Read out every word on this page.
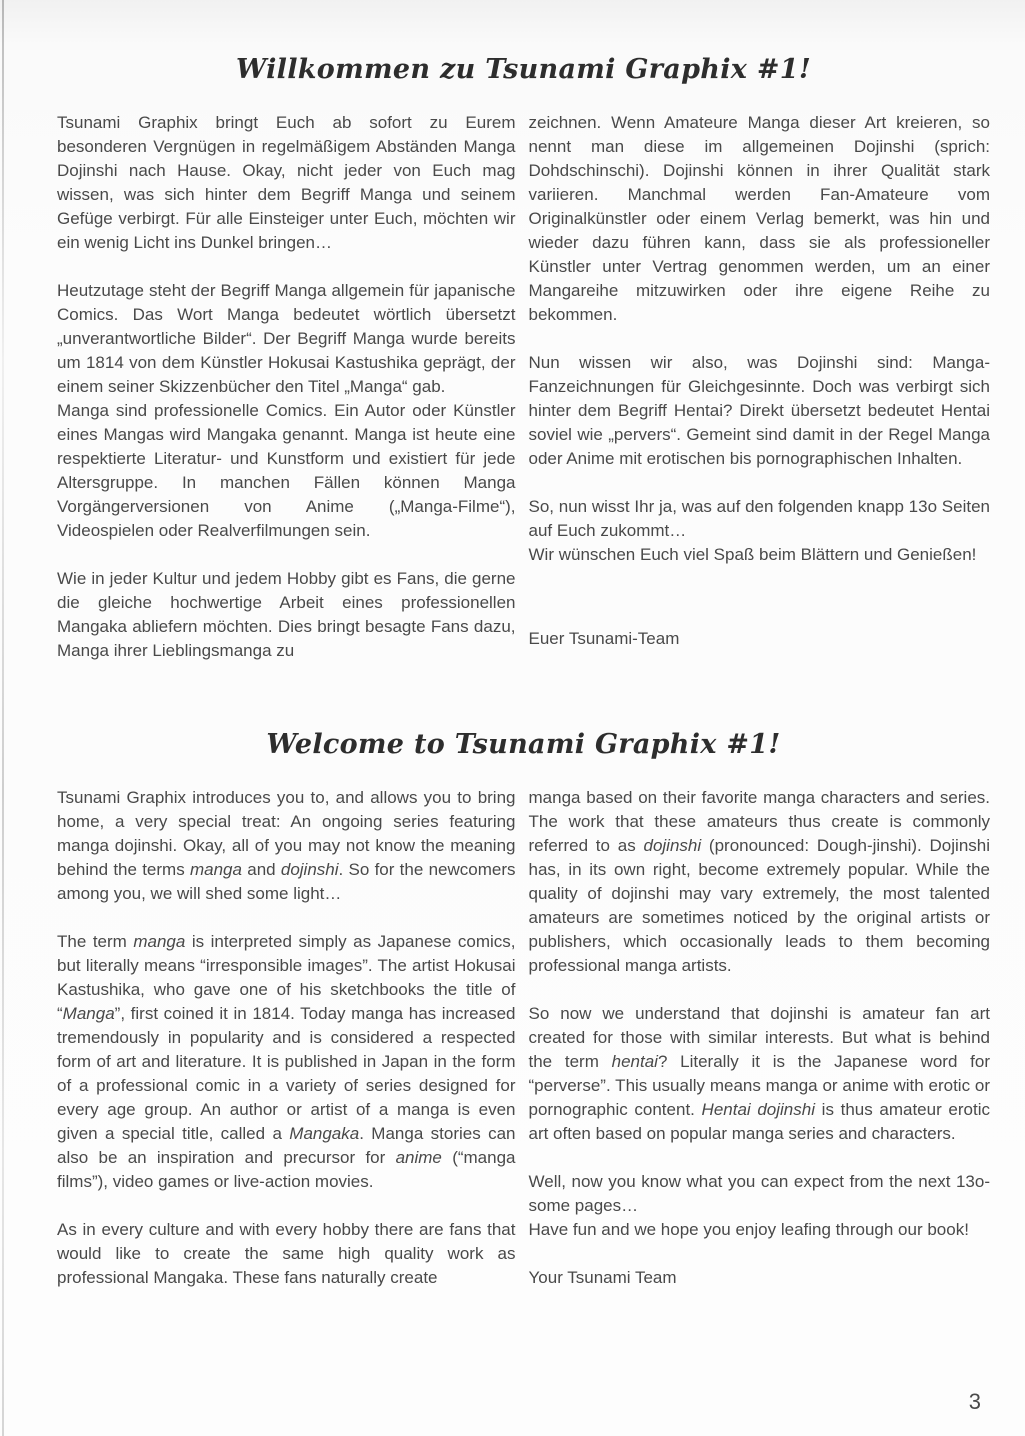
Willkommen zu Tsunami Graphix #1!

Tsunami Graphix bringt Euch ab sofort zu Eurem besonderen Vergnügen in regelmäßigem Abständen Manga Dojinshi nach Hause. Okay, nicht jeder von Euch mag wissen, was sich hinter dem Begriff Manga und seinem Gefüge verbirgt. Für alle Einsteiger unter Euch, möchten wir ein wenig Licht ins Dunkel bringen…

Heutzutage steht der Begriff Manga allgemein für japanische Comics. Das Wort Manga bedeutet wörtlich übersetzt „unverantwortliche Bilder“. Der Begriff Manga wurde bereits um 1814 von dem Künstler Hokusai Kastushika geprägt, der einem seiner Skizzenbücher den Titel „Manga“ gab.

Manga sind professionelle Comics. Ein Autor oder Künstler eines Mangas wird Mangaka genannt. Manga ist heute eine respektierte Literatur- und Kunstform und existiert für jede Altersgruppe. In manchen Fällen können Manga Vorgängerversionen von Anime („Manga-Filme“), Videospielen oder Realverfilmungen sein.

Wie in jeder Kultur und jedem Hobby gibt es Fans, die gerne die gleiche hochwertige Arbeit eines professionellen Mangaka abliefern möchten. Dies bringt besagte Fans dazu, Manga ihrer Lieblingsmanga zu

zeichnen. Wenn Amateure Manga dieser Art kreieren, so nennt man diese im allgemeinen Dojinshi (sprich: Dohdschinschi). Dojinshi können in ihrer Qualität stark variieren. Manchmal werden Fan-Amateure vom Originalkünstler oder einem Verlag bemerkt, was hin und wieder dazu führen kann, dass sie als professioneller Künstler unter Vertrag genommen werden, um an einer Mangareihe mitzuwirken oder ihre eigene Reihe zu bekommen.

Nun wissen wir also, was Dojinshi sind: Manga-Fanzeichnungen für Gleichgesinnte. Doch was verbirgt sich hinter dem Begriff Hentai? Direkt übersetzt bedeutet Hentai soviel wie „pervers“. Gemeint sind damit in der Regel Manga oder Anime mit erotischen bis pornographischen Inhalten.

So, nun wisst Ihr ja, was auf den folgenden knapp 13o Seiten auf Euch zukommt…

Wir wünschen Euch viel Spaß beim Blättern und Genießen!

Euer Tsunami-Team

Welcome to Tsunami Graphix #1!

Tsunami Graphix introduces you to, and allows you to bring home, a very special treat: An ongoing series featuring manga dojinshi. Okay, all of you may not know the meaning behind the terms manga and dojinshi. So for the newcomers among you, we will shed some light…

The term manga is interpreted simply as Japanese comics, but literally means “irresponsible images”. The artist Hokusai Kastushika, who gave one of his sketchbooks the title of “Manga”, first coined it in 1814. Today manga has increased tremendously in popularity and is considered a respected form of art and literature. It is published in Japan in the form of a professional comic in a variety of series designed for every age group. An author or artist of a manga is even given a special title, called a Mangaka. Manga stories can also be an inspiration and precursor for anime (“manga films”), video games or live-action movies.

As in every culture and with every hobby there are fans that would like to create the same high quality work as professional Mangaka. These fans naturally create

manga based on their favorite manga characters and series. The work that these amateurs thus create is commonly referred to as dojinshi (pronounced: Dough-jinshi). Dojinshi has, in its own right, become extremely popular. While the quality of dojinshi may vary extremely, the most talented amateurs are sometimes noticed by the original artists or publishers, which occasionally leads to them becoming professional manga artists.

So now we understand that dojinshi is amateur fan art created for those with similar interests. But what is behind the term hentai? Literally it is the Japanese word for “perverse”. This usually means manga or anime with erotic or pornographic content. Hentai dojinshi is thus amateur erotic art often based on popular manga series and characters.

Well, now you know what you can expect from the next 13o-some pages…

Have fun and we hope you enjoy leafing through our book!

Your Tsunami Team

3
